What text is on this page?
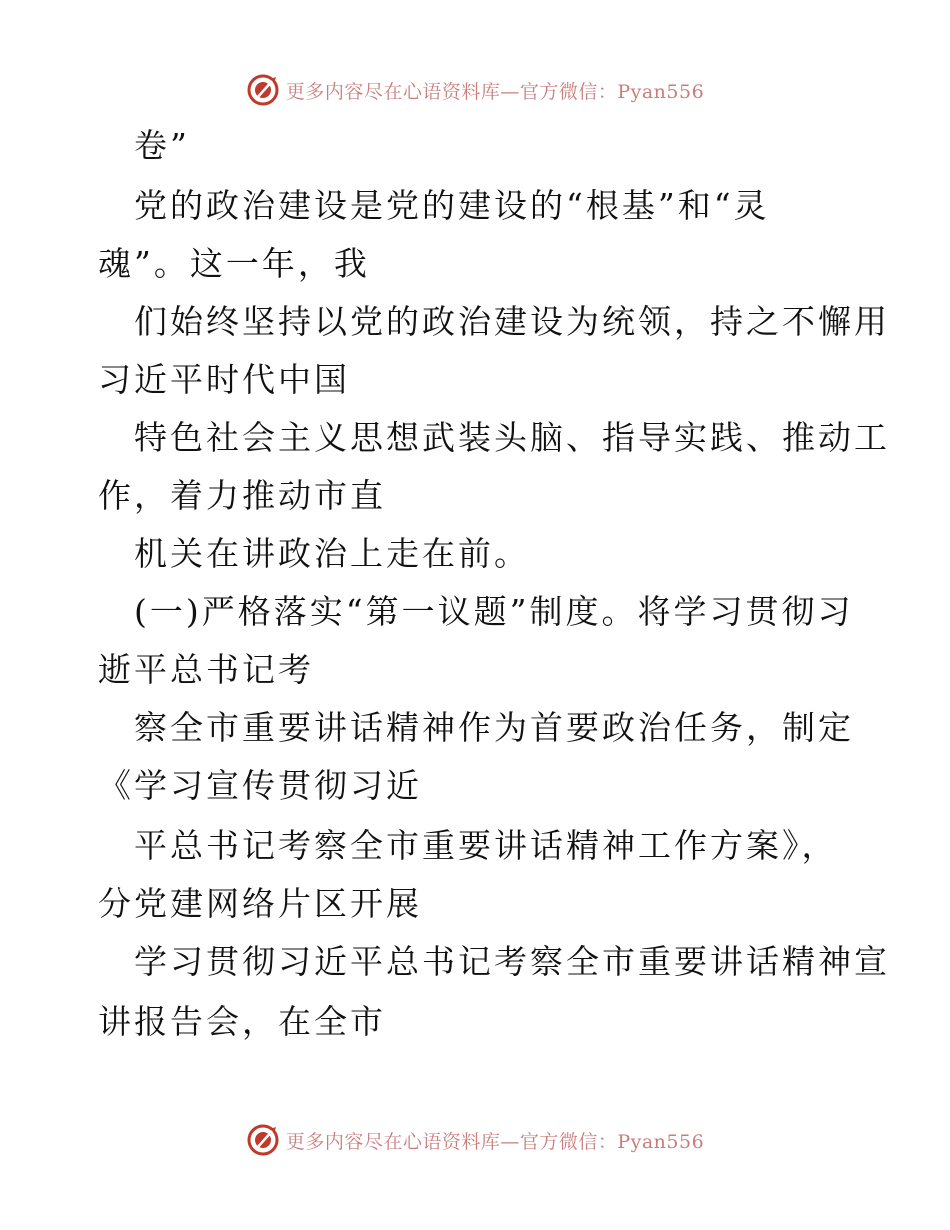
更多内容尽在心语资料库—官方微信：Pyan556
卷”
党的政治建设是党的建设的“根基”和“灵
魂”。这一年，我
们始终坚持以党的政治建设为统领，持之不懈用
习近平时代中国
特色社会主义思想武装头脑、指导实践、推动工
作，着力推动市直
机关在讲政治上走在前。
(一)严格落实“第一议题”制度。将学习贯彻习
逝平总书记考
察全市重要讲话精神作为首要政治任务，制定
《学习宣传贯彻习近
平总书记考察全市重要讲话精神工作方案》，
分党建网络片区开展
学习贯彻习近平总书记考察全市重要讲话精神宣
讲报告会，在全市
更多内容尽在心语资料库—官方微信：Pyan556
